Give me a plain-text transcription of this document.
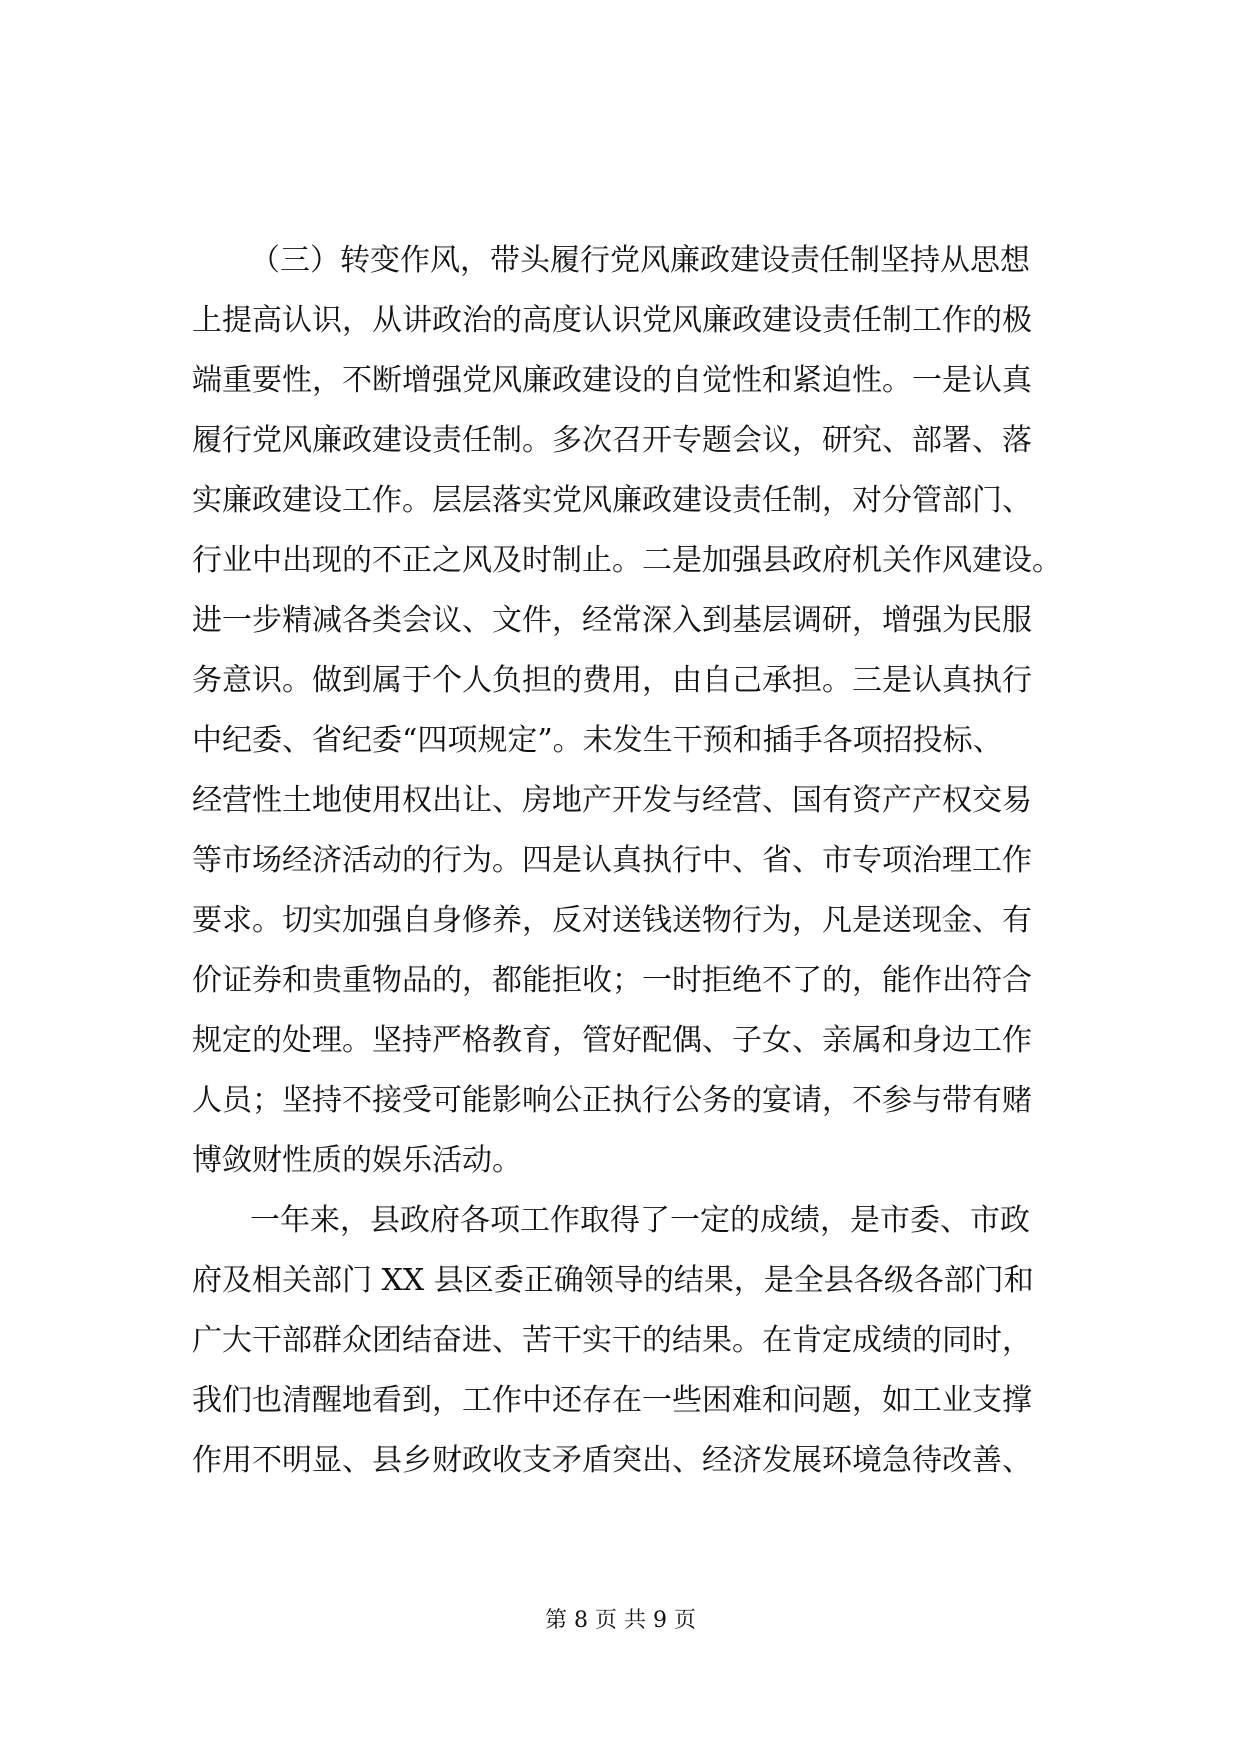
（三）转变作风，带头履行党风廉政建设责任制坚持从思想
上提高认识，从讲政治的高度认识党风廉政建设责任制工作的极
端重要性，不断增强党风廉政建设的自觉性和紧迫性。一是认真
履行党风廉政建设责任制。多次召开专题会议，研究、部署、落
实廉政建设工作。层层落实党风廉政建设责任制，对分管部门、
行业中出现的不正之风及时制止。二是加强县政府机关作风建设。
进一步精减各类会议、文件，经常深入到基层调研，增强为民服
务意识。做到属于个人负担的费用，由自己承担。三是认真执行
中纪委、省纪委“四项规定”。未发生干预和插手各项招投标、
经营性土地使用权出让、房地产开发与经营、国有资产产权交易
等市场经济活动的行为。四是认真执行中、省、市专项治理工作
要求。切实加强自身修养，反对送钱送物行为，凡是送现金、有
价证券和贵重物品的，都能拒收；一时拒绝不了的，能作出符合
规定的处理。坚持严格教育，管好配偶、子女、亲属和身边工作
人员；坚持不接受可能影响公正执行公务的宴请，不参与带有赌
博敛财性质的娱乐活动。
一年来，县政府各项工作取得了一定的成绩，是市委、市政
府及相关部门 XX 县区委正确领导的结果，是全县各级各部门和
广大干部群众团结奋进、苦干实干的结果。在肯定成绩的同时，
我们也清醒地看到，工作中还存在一些困难和问题，如工业支撑
作用不明显、县乡财政收支矛盾突出、经济发展环境急待改善、
第 8 页 共 9 页
